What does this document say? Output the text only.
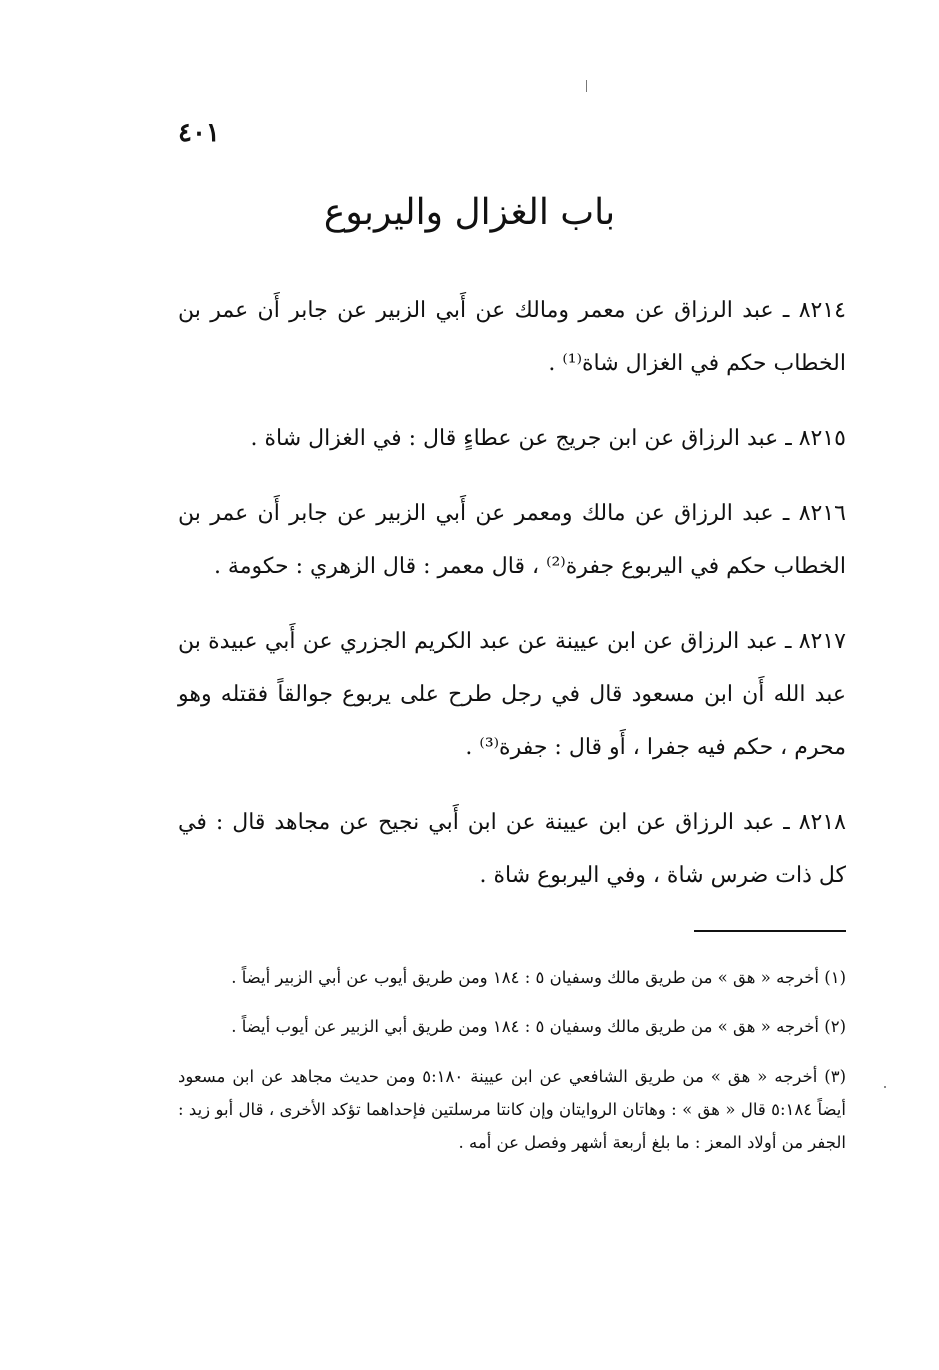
٤٠١
باب الغزال واليربوع

٨٢١٤ ـ عبد الرزاق عن معمر ومالك عن أَبي الزبير عن جابر أَن عمر بن الخطاب حكم في الغزال شاة⁽¹⁾ .

٨٢١٥ ـ عبد الرزاق عن ابن جريج عن عطاءٍ قال : في الغزال شاة .

٨٢١٦ ـ عبد الرزاق عن مالك ومعمر عن أَبي الزبير عن جابر أَن عمر بن الخطاب حكم في اليربوع جفرة⁽²⁾ ، قال معمر : قال الزهري : حكومة .

٨٢١٧ ـ عبد الرزاق عن ابن عيينة عن عبد الكريم الجزري عن أَبي عبيدة بن عبد الله أَن ابن مسعود قال في رجل طرح على يربوع جوالقاً فقتله وهو محرم ، حكم فيه جفرا ، أَو قال : جفرة⁽³⁾ .

٨٢١٨ ـ عبد الرزاق عن ابن عيينة عن ابن أَبي نجيح عن مجاهد قال : في كل ذات ضرس شاة ، وفي اليربوع شاة .

(١) أخرجه « هق » من طريق مالك وسفيان ٥ : ١٨٤ ومن طريق أيوب عن أبي الزبير أيضاً .

(٢) أخرجه « هق » من طريق مالك وسفيان ٥ : ١٨٤ ومن طريق أبي الزبير عن أيوب أيضاً .

(٣) أخرجه « هق » من طريق الشافعي عن ابن عيينة ٥:١٨٠ ومن حديث مجاهد عن ابن مسعود أيضاً ٥:١٨٤ قال « هق » : وهاتان الروايتان وإن كانتا مرسلتين فإحداهما تؤكد الأخرى ، قال أبو زيد : الجفر من أولاد المعز : ما بلغ أربعة أشهر وفصل عن أمه .
